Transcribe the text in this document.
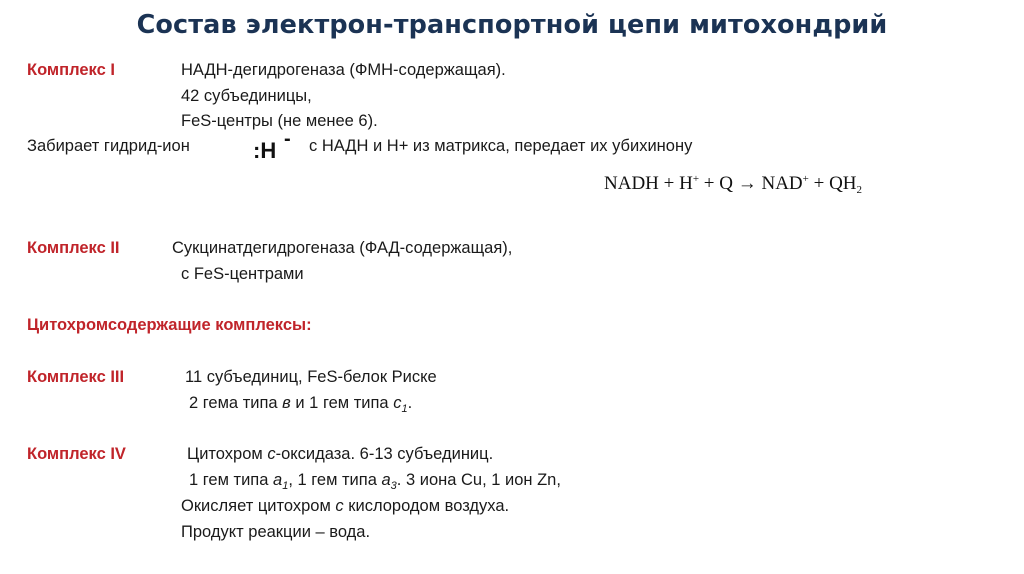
Состав электрон-транспортной цепи митохондрий
Комплекс I	НАДН-дегидрогеназа (ФМН-содержащая).
42 субъединицы,
FeS-центры (не менее 6).
Забирает гидрид-ион	:H - с НАДН и Н+ из матрикса, передает их убихинону
NADH + $H^+ + Q \to NAD^+ + QH_2$
Комплекс II	Сукцинатдегидрогеназа (ФАД-содержащая),
с FeS-центрами
Цитохромсодержащие комплексы:
Комплекс III	11 субъединиц, FeS-белок Риске
2 гема типа в и 1 гем типа $с_1$.
Комплекс IV	Цитохром с-оксидаза. 6-13 субъединиц.
1 гем типа $а_1$, 1 гем типа $а_3$. 3 иона Cu, 1 ион Zn,
Окисляет цитохром с кислородом воздуха.
Продукт реакции – вода.
